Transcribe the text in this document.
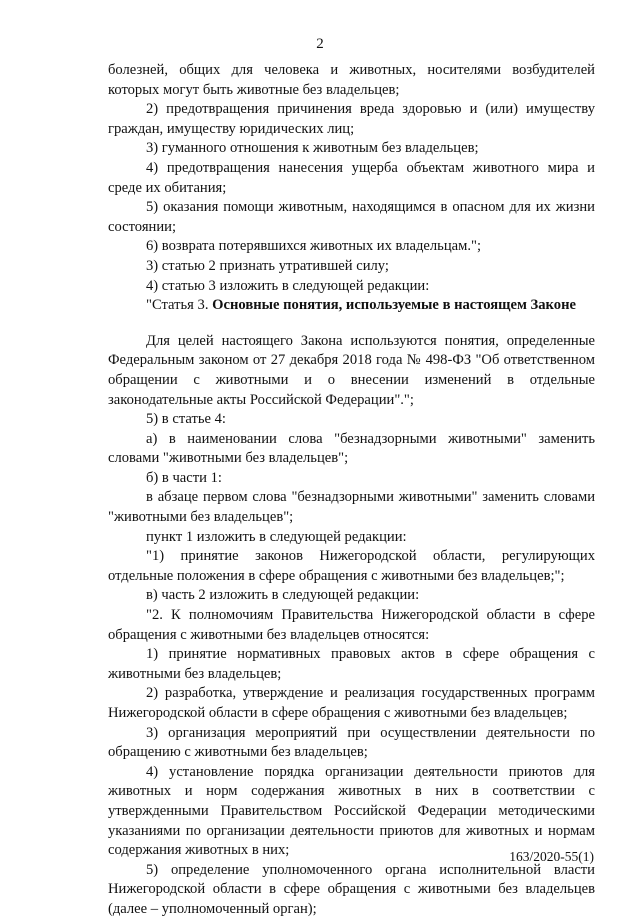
2

болезней, общих для человека и животных, носителями возбудителей которых могут быть животные без владельцев;

2) предотвращения причинения вреда здоровью и (или) имуществу граждан, имуществу юридических лиц;

3) гуманного отношения к животным без владельцев;

4) предотвращения нанесения ущерба объектам животного мира и среде их обитания;

5) оказания помощи животным, находящимся в опасном для их жизни состоянии;

6) возврата потерявшихся животных их владельцам.";

3) статью 2 признать утратившей силу;

4) статью 3 изложить в следующей редакции:

"Статья 3. Основные понятия, используемые в настоящем Законе

Для целей настоящего Закона используются понятия, определенные Федеральным законом от 27 декабря 2018 года № 498-ФЗ "Об ответственном обращении с животными и о внесении изменений в отдельные законодательные акты Российской Федерации".";

5) в статье 4:

а) в наименовании слова "безнадзорными животными" заменить словами "животными без владельцев";

б) в части 1:

в абзаце первом слова "безнадзорными животными" заменить словами "животными без владельцев";

пункт 1 изложить в следующей редакции:

"1) принятие законов Нижегородской области, регулирующих отдельные положения в сфере обращения с животными без владельцев;";

в) часть 2 изложить в следующей редакции:

"2. К полномочиям Правительства Нижегородской области в сфере обращения с животными без владельцев относятся:

1) принятие нормативных правовых актов в сфере обращения с животными без владельцев;

2) разработка, утверждение и реализация государственных программ Нижегородской области в сфере обращения с животными без владельцев;

3) организация мероприятий при осуществлении деятельности по обращению с животными без владельцев;

4) установление порядка организации деятельности приютов для животных и норм содержания животных в них в соответствии с утвержденными Правительством Российской Федерации методическими указаниями по организации деятельности приютов для животных и нормам содержания животных в них;

5) определение уполномоченного органа исполнительной власти Нижегородской области в сфере обращения с животными без владельцев (далее – уполномоченный орган);

163/2020-55(1)
